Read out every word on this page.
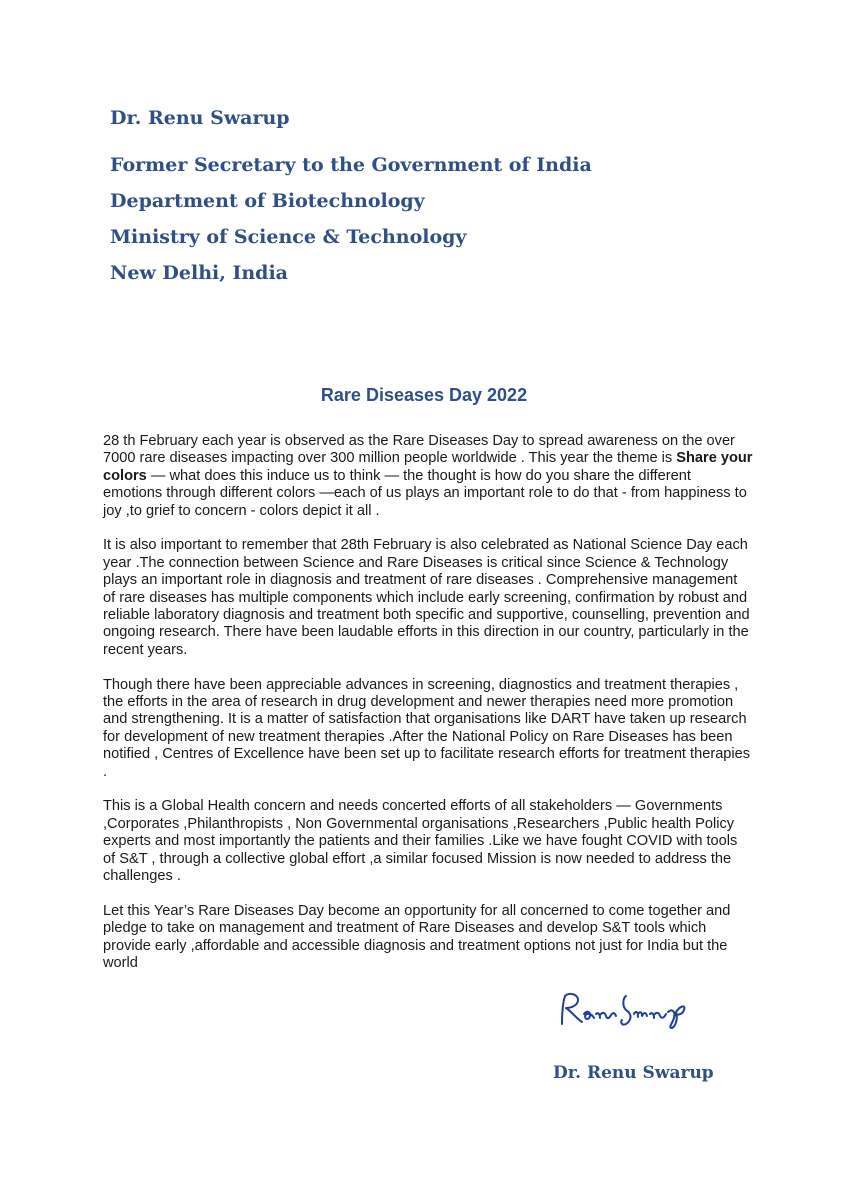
Dr. Renu Swarup

Former Secretary to the Government of India

Department of Biotechnology

Ministry of Science & Technology

New Delhi, India

Rare Diseases Day 2022

28 th February each year is observed as the Rare Diseases Day to spread awareness on the over 7000 rare diseases impacting over 300 million people worldwide . This year the theme is Share your colors — what does this induce us to think — the thought is how do you share the different emotions through different colors —each of us plays an important role to do that - from happiness to joy ,to grief to concern - colors depict it all .

It is also important to remember that 28th February is also celebrated as National Science Day each year .The connection between Science and Rare Diseases is critical since Science & Technology plays an important role in diagnosis and treatment of rare diseases . Comprehensive management of rare diseases has multiple components which include early screening, confirmation by robust and reliable laboratory diagnosis and treatment both specific and supportive, counselling, prevention and ongoing research. There have been laudable efforts in this direction in our country, particularly in the recent years.

Though there have been appreciable advances in screening, diagnostics and treatment therapies , the efforts in the area of research in drug development and newer therapies need more promotion and strengthening. It is a matter of satisfaction that organisations like DART have taken up research for development of new treatment therapies .After the National Policy on Rare Diseases has been notified , Centres of Excellence have been set up to facilitate research efforts for treatment therapies .

This is a Global Health concern and needs concerted efforts of all stakeholders — Governments ,Corporates ,Philanthropists , Non Governmental organisations ,Researchers ,Public health Policy experts and most importantly the patients and their families .Like we have fought COVID with tools of S&T , through a collective global effort ,a similar focused Mission is now needed to address the challenges .

Let this Year’s Rare Diseases Day become an opportunity for all concerned to come together and pledge to take on management and treatment of Rare Diseases and develop S&T tools which provide early ,affordable and accessible diagnosis and treatment options not just for India but the world

Dr. Renu Swarup
